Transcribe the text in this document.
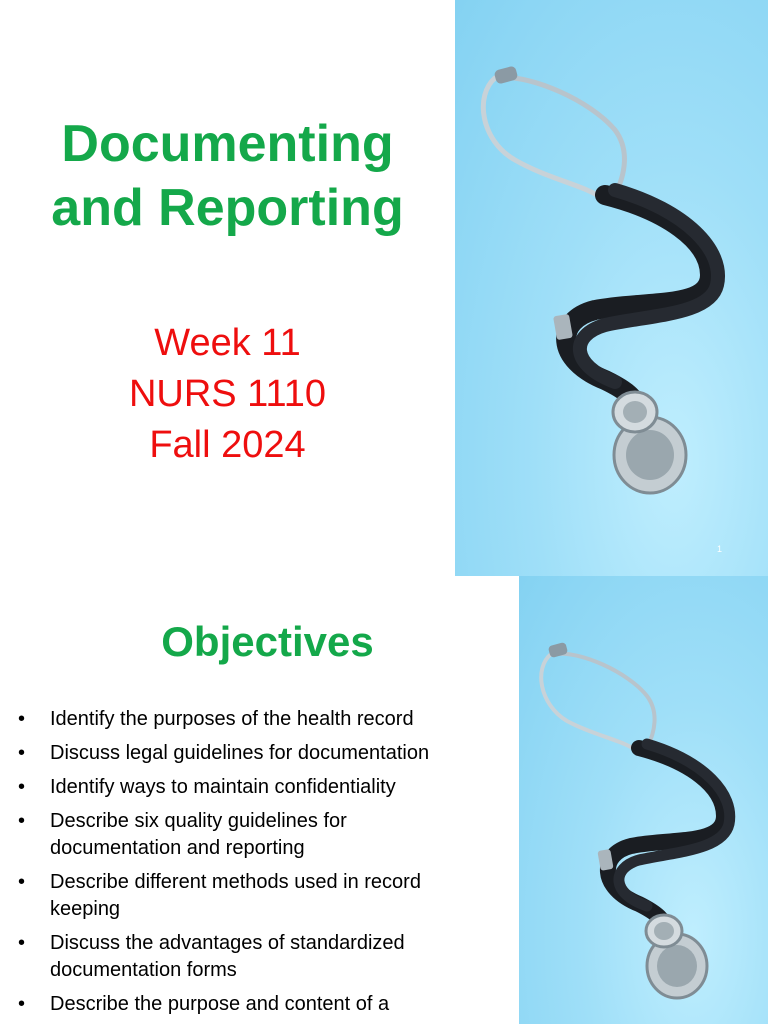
Documenting
and Reporting
Week 11
NURS 1110
Fall 2024
1
Objectives
• Identify the purposes of the health record
• Discuss legal guidelines for documentation
• Identify ways to maintain confidentiality
• Describe six quality guidelines for
documentation and reporting
• Describe different methods used in record
keeping
• Discuss the advantages of standardized
documentation forms
• Describe the purpose and content of a
